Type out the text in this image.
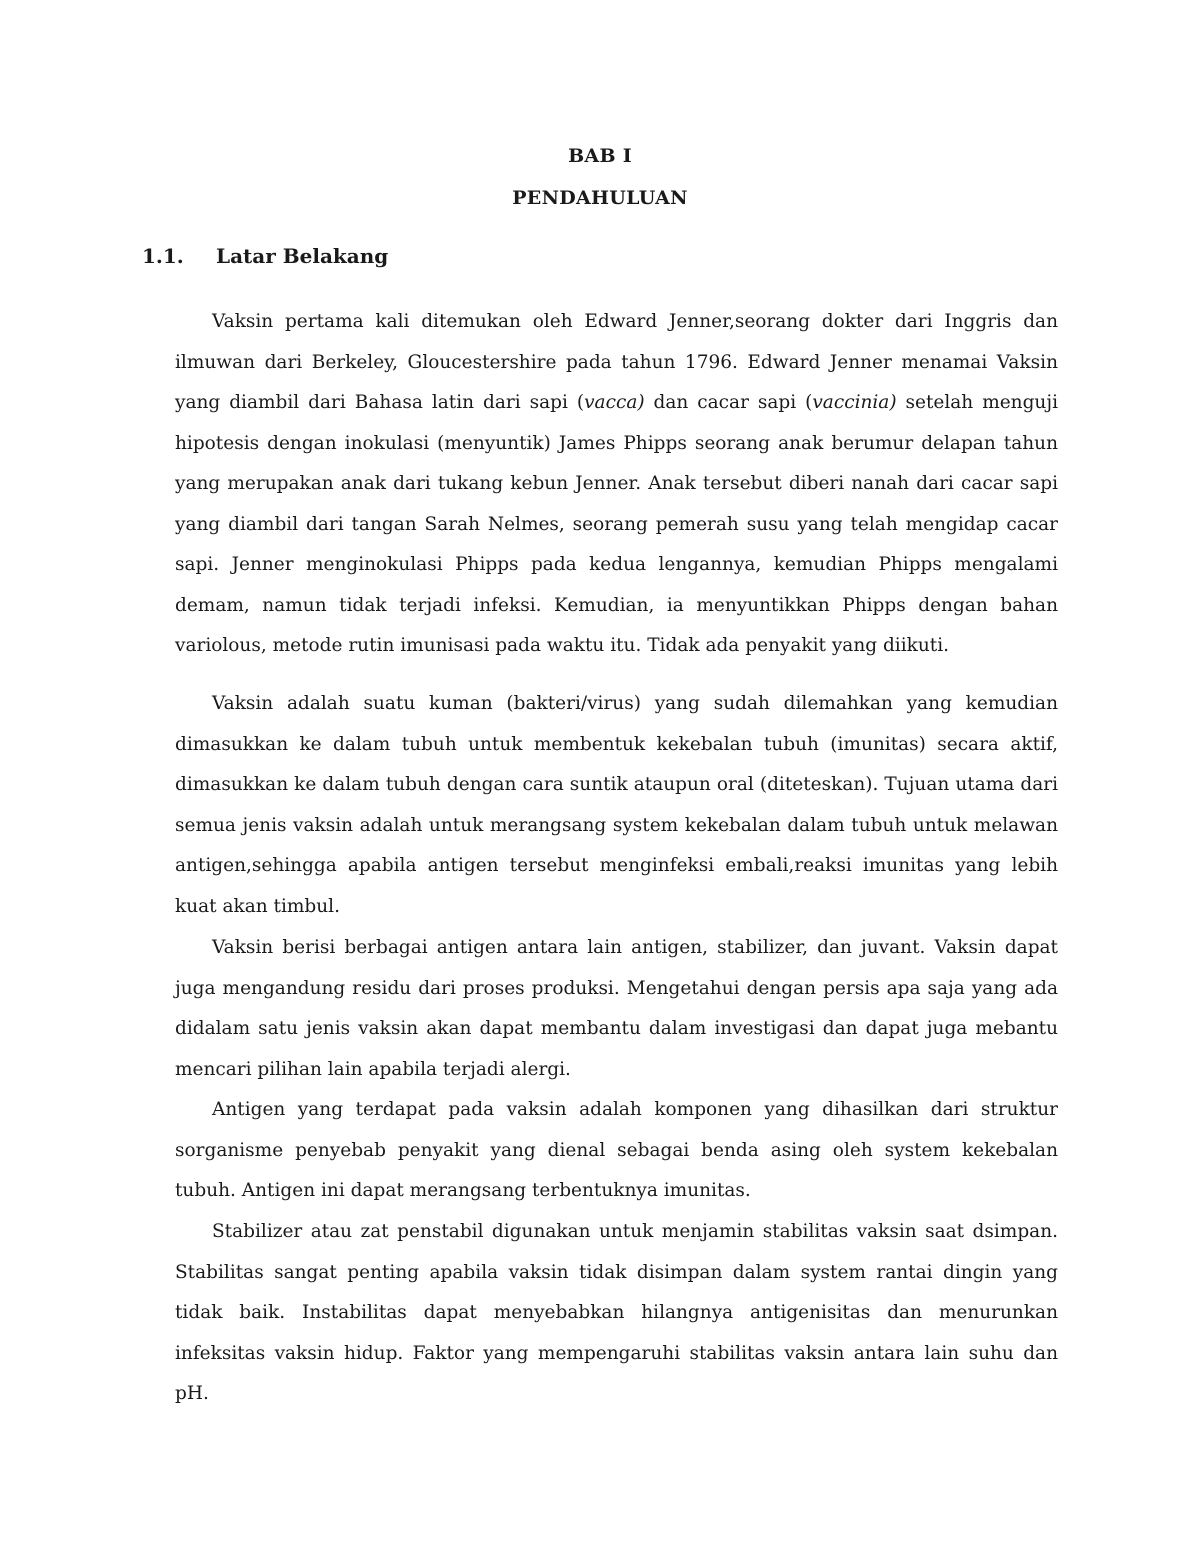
BAB I
PENDAHULUAN
1.1. Latar Belakang

Vaksin pertama kali ditemukan oleh Edward Jenner,seorang dokter dari Inggris dan ilmuwan dari Berkeley, Gloucestershire pada tahun 1796. Edward Jenner menamai Vaksin yang diambil dari Bahasa latin dari sapi (vacca) dan cacar sapi (vaccinia) setelah menguji hipotesis dengan inokulasi (menyuntik) James Phipps seorang anak berumur delapan tahun yang merupakan anak dari tukang kebun Jenner. Anak tersebut diberi nanah dari cacar sapi yang diambil dari tangan Sarah Nelmes, seorang pemerah susu yang telah mengidap cacar sapi. Jenner menginokulasi Phipps pada kedua lengannya, kemudian Phipps mengalami demam, namun tidak terjadi infeksi. Kemudian, ia menyuntikkan Phipps dengan bahan variolous, metode rutin imunisasi pada waktu itu. Tidak ada penyakit yang diikuti.

Vaksin adalah suatu kuman (bakteri/virus) yang sudah dilemahkan yang kemudian dimasukkan ke dalam tubuh untuk membentuk kekebalan tubuh (imunitas) secara aktif, dimasukkan ke dalam tubuh dengan cara suntik ataupun oral (diteteskan). Tujuan utama dari semua jenis vaksin adalah untuk merangsang system kekebalan dalam tubuh untuk melawan antigen,sehingga apabila antigen tersebut menginfeksi embali,reaksi imunitas yang lebih kuat akan timbul.

Vaksin berisi berbagai antigen antara lain antigen, stabilizer, dan juvant. Vaksin dapat juga mengandung residu dari proses produksi. Mengetahui dengan persis apa saja yang ada didalam satu jenis vaksin akan dapat membantu dalam investigasi dan dapat juga mebantu mencari pilihan lain apabila terjadi alergi.

Antigen yang terdapat pada vaksin adalah komponen yang dihasilkan dari struktur sorganisme penyebab penyakit yang dienal sebagai benda asing oleh system kekebalan tubuh. Antigen ini dapat merangsang terbentuknya imunitas.

Stabilizer atau zat penstabil digunakan untuk menjamin stabilitas vaksin saat dsimpan. Stabilitas sangat penting apabila vaksin tidak disimpan dalam system rantai dingin yang tidak baik. Instabilitas dapat menyebabkan hilangnya antigenisitas dan menurunkan infeksitas vaksin hidup. Faktor yang mempengaruhi stabilitas vaksin antara lain suhu dan pH.
